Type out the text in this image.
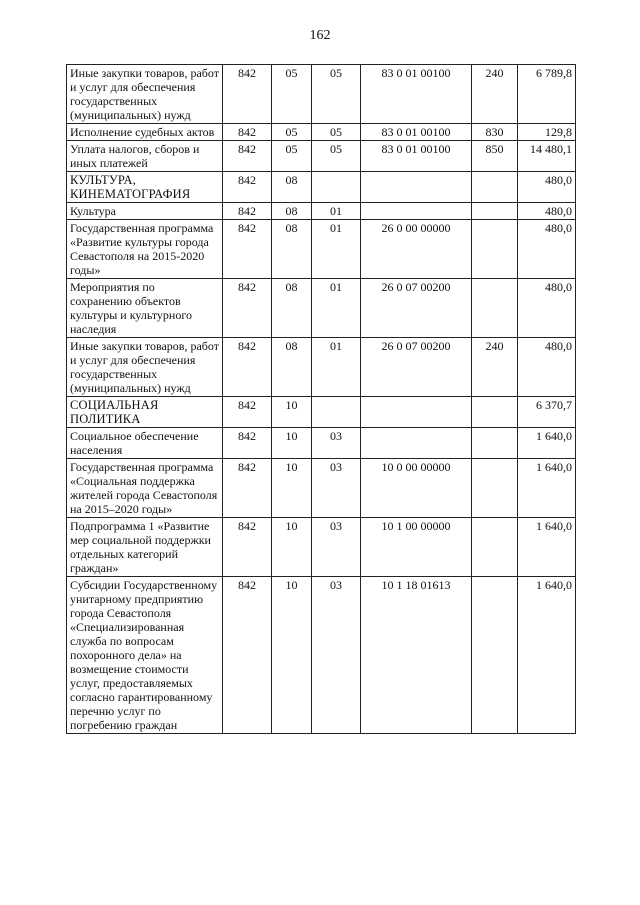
162
Иные закупки товаров, работ и услуг для обеспечения государственных (муниципальных) нужд	842	05	05	83 0 01 00100	240	6 789,8
Исполнение судебных актов	842	05	05	83 0 01 00100	830	129,8
Уплата налогов, сборов и иных платежей	842	05	05	83 0 01 00100	850	14 480,1
КУЛЬТУРА, КИНЕМАТОГРАФИЯ	842	08				480,0
Культура	842	08	01			480,0
Государственная программа «Развитие культуры города Севастополя на 2015-2020 годы»	842	08	01	26 0 00 00000		480,0
Мероприятия по сохранению объектов культуры и культурного наследия	842	08	01	26 0 07 00200		480,0
Иные закупки товаров, работ и услуг для обеспечения государственных (муниципальных) нужд	842	08	01	26 0 07 00200	240	480,0
СОЦИАЛЬНАЯ ПОЛИТИКА	842	10				6 370,7
Социальное обеспечение населения	842	10	03			1 640,0
Государственная программа «Социальная поддержка жителей города Севастополя на 2015–2020 годы»	842	10	03	10 0 00 00000		1 640,0
Подпрограмма 1 «Развитие мер социальной поддержки отдельных категорий граждан»	842	10	03	10 1 00 00000		1 640,0
Субсидии Государственному унитарному предприятию города Севастополя «Специализированная служба по вопросам похоронного дела» на возмещение стоимости услуг, предоставляемых согласно гарантированному перечню услуг по погребению граждан	842	10	03	10 1 18 01613		1 640,0
